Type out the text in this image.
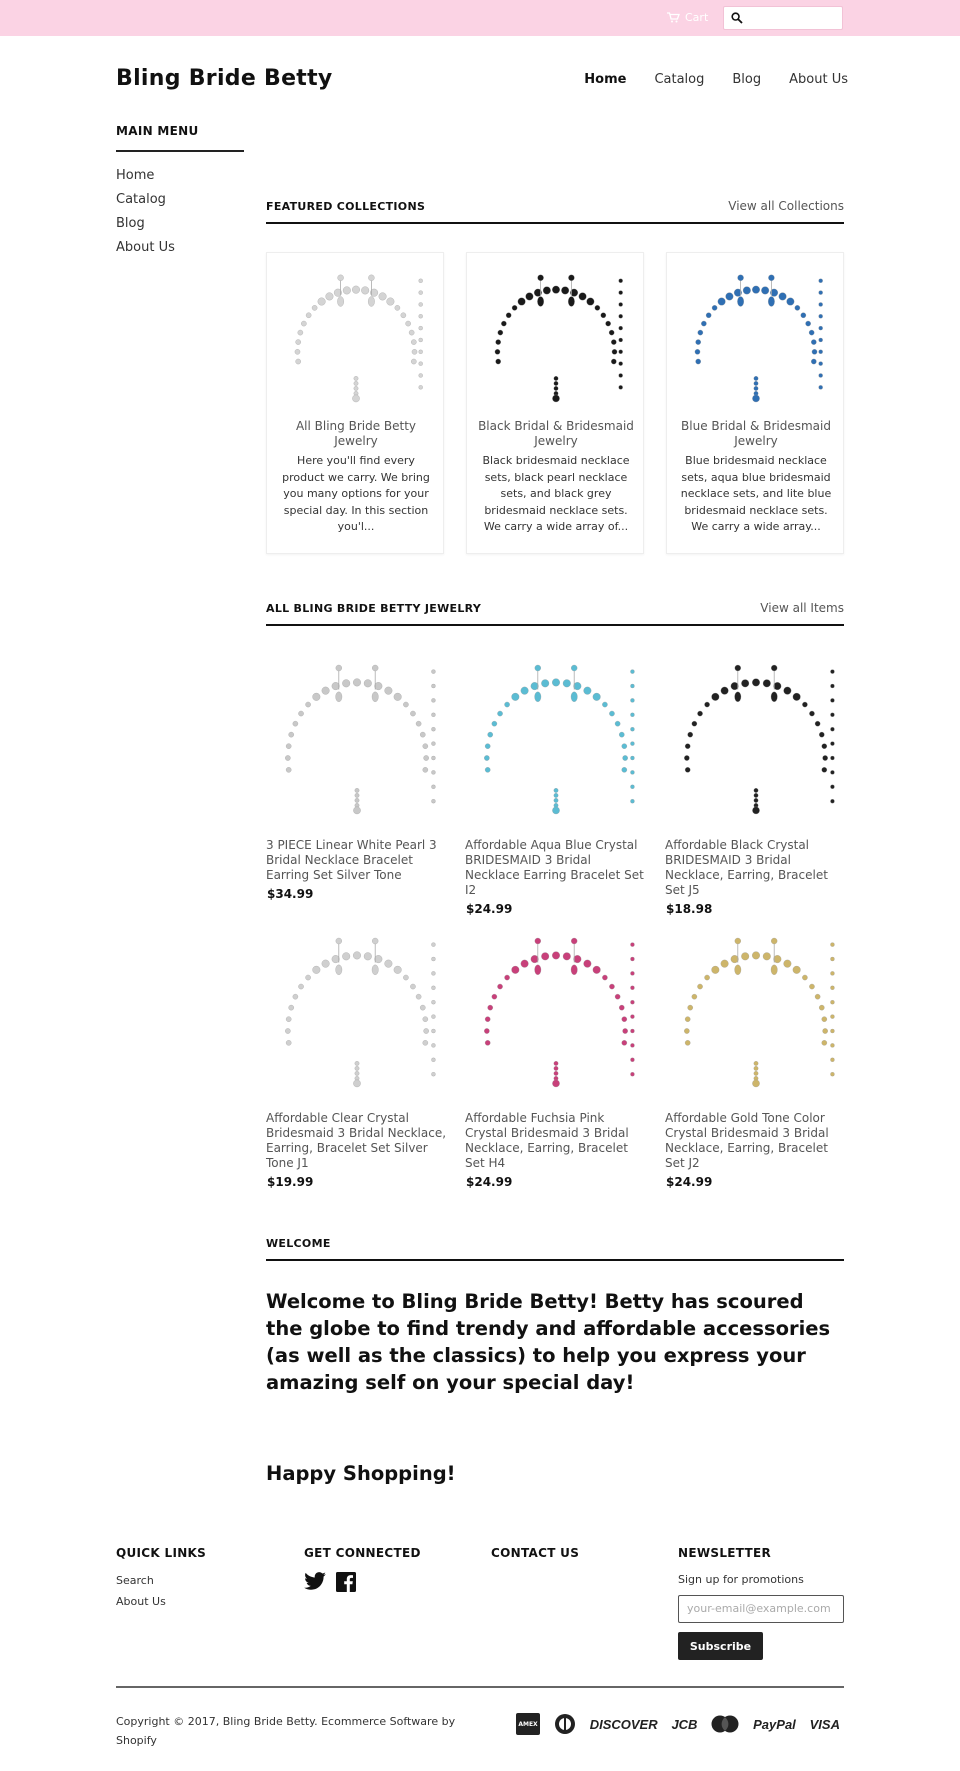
Cart
Bling Bride Betty	Home Catalog Blog About Us
MAIN MENU
Home
Catalog
Blog
About Us
FEATURED COLLECTIONS	View all Collections
All Bling Bride Betty Jewelry
Here you'll find every product we carry. We bring you many options for your special day. In this section you'l...
Black Bridal & Bridesmaid Jewelry
Black bridesmaid necklace sets, black pearl necklace sets, and black grey bridesmaid necklace sets. We carry a wide array of...
Blue Bridal & Bridesmaid Jewelry
Blue bridesmaid necklace sets, aqua blue bridesmaid necklace sets, and lite blue bridesmaid necklace sets. We carry a wide array...
ALL BLING BRIDE BETTY JEWELRY	View all Items
3 PIECE Linear White Pearl 3 Bridal Necklace Bracelet Earring Set Silver Tone
$34.99
Affordable Aqua Blue Crystal BRIDESMAID 3 Bridal Necklace Earring Bracelet Set I2
$24.99
Affordable Black Crystal BRIDESMAID 3 Bridal Necklace, Earring, Bracelet Set J5
$18.98
Affordable Clear Crystal Bridesmaid 3 Bridal Necklace, Earring, Bracelet Set Silver Tone J1
$19.99
Affordable Fuchsia Pink Crystal Bridesmaid 3 Bridal Necklace, Earring, Bracelet Set H4
$24.99
Affordable Gold Tone Color Crystal Bridesmaid 3 Bridal Necklace, Earring, Bracelet Set J2
$24.99
WELCOME
Welcome to Bling Bride Betty! Betty has scoured the globe to find trendy and affordable accessories (as well as the classics) to help you express your amazing self on your special day!
Happy Shopping!
QUICK LINKS
Search
About Us
GET CONNECTED	CONTACT US	NEWSLETTER
Sign up for promotions
your-email@example.com
Subscribe
Copyright © 2017, Bling Bride Betty. Ecommerce Software by Shopify
AMEX	DISCOVER JCB	PayPal VISA
